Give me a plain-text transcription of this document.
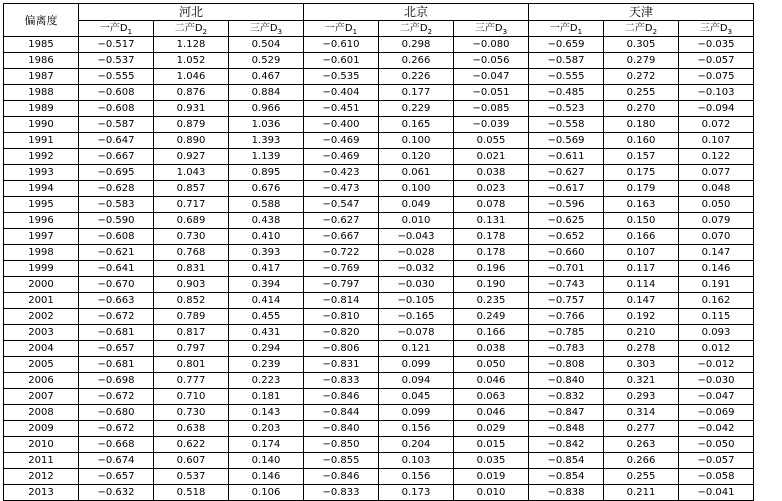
偏离度	河北			北京			天津		
	一产$D_1$	二产$D_2$	三产$D_3$	一产$D_1$	二产$D_2$	三产$D_3$	一产$D_1$	二产$D_2$	三产$D_3$
1985	−0.517	1.128	0.504	−0.610	0.298	−0.080	−0.659	0.305	−0.035
1986	−0.537	1.052	0.529	−0.601	0.266	−0.056	−0.587	0.279	−0.057
1987	−0.555	1.046	0.467	−0.535	0.226	−0.047	−0.555	0.272	−0.075
1988	−0.608	0.876	0.884	−0.404	0.177	−0.051	−0.485	0.255	−0.103
1989	−0.608	0.931	0.966	−0.451	0.229	−0.085	−0.523	0.270	−0.094
1990	−0.587	0.879	1.036	−0.400	0.165	−0.039	−0.558	0.180	0.072
1991	−0.647	0.890	1.393	−0.469	0.100	0.055	−0.569	0.160	0.107
1992	−0.667	0.927	1.139	−0.469	0.120	0.021	−0.611	0.157	0.122
1993	−0.695	1.043	0.895	−0.423	0.061	0.038	−0.627	0.175	0.077
1994	−0.628	0.857	0.676	−0.473	0.100	0.023	−0.617	0.179	0.048
1995	−0.583	0.717	0.588	−0.547	0.049	0.078	−0.596	0.163	0.050
1996	−0.590	0.689	0.438	−0.627	0.010	0.131	−0.625	0.150	0.079
1997	−0.608	0.730	0.410	−0.667	−0.043	0.178	−0.652	0.166	0.070
1998	−0.621	0.768	0.393	−0.722	−0.028	0.178	−0.660	0.107	0.147
1999	−0.641	0.831	0.417	−0.769	−0.032	0.196	−0.701	0.117	0.146
2000	−0.670	0.903	0.394	−0.797	−0.030	0.190	−0.743	0.114	0.191
2001	−0.663	0.852	0.414	−0.814	−0.105	0.235	−0.757	0.147	0.162
2002	−0.672	0.789	0.455	−0.810	−0.165	0.249	−0.766	0.192	0.115
2003	−0.681	0.817	0.431	−0.820	−0.078	0.166	−0.785	0.210	0.093
2004	−0.657	0.797	0.294	−0.806	0.121	0.038	−0.783	0.278	0.012
2005	−0.681	0.801	0.239	−0.831	0.099	0.050	−0.808	0.303	−0.012
2006	−0.698	0.777	0.223	−0.833	0.094	0.046	−0.840	0.321	−0.030
2007	−0.672	0.710	0.181	−0.846	0.045	0.063	−0.832	0.293	−0.047
2008	−0.680	0.730	0.143	−0.844	0.099	0.046	−0.847	0.314	−0.069
2009	−0.672	0.638	0.203	−0.840	0.156	0.029	−0.848	0.277	−0.042
2010	−0.668	0.622	0.174	−0.850	0.204	0.015	−0.842	0.263	−0.050
2011	−0.674	0.607	0.140	−0.855	0.103	0.035	−0.854	0.266	−0.057
2012	−0.657	0.537	0.146	−0.846	0.156	0.019	−0.854	0.255	−0.058
2013	−0.632	0.518	0.106	−0.833	0.173	0.010	−0.838	0.211	−0.041
